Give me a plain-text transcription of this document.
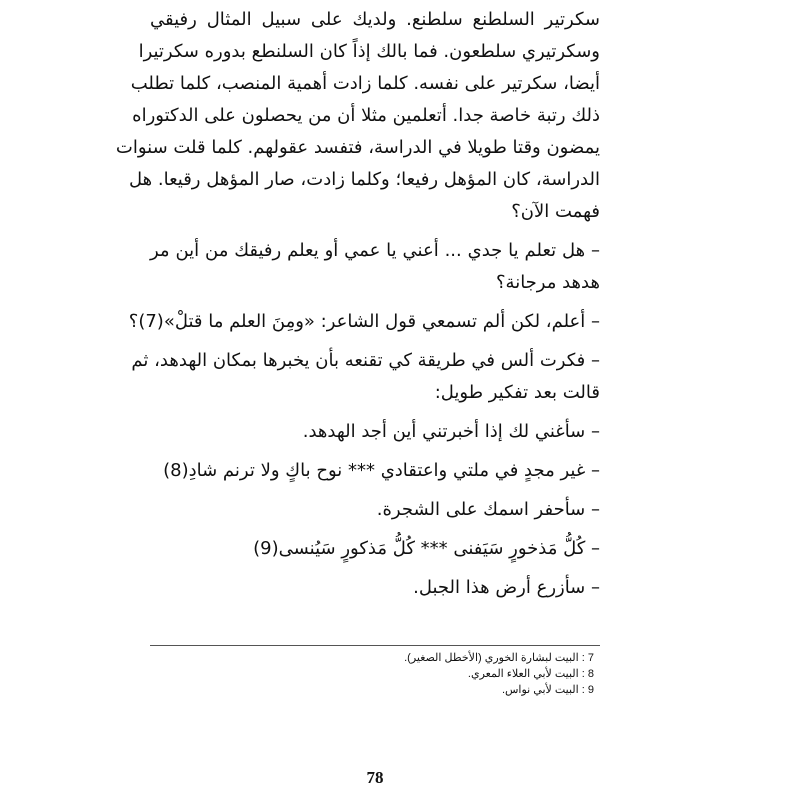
سكرتير السلطنع سلطنع. ولديك على سبيل المثال رفيقي
وسكرتيري سلطعون. فما بالك إذاً كان السلنطع بدوره سكرتيرا
أيضا، سكرتير على نفسه. كلما زادت أهمية المنصب، كلما تطلب
ذلك رتبة خاصة جدا. أتعلمين مثلا أن من يحصلون على الدكتوراه
يمضون وقتا طويلا في الدراسة، فتفسد عقولهم. كلما قلت سنوات
الدراسة، كان المؤهل رفيعا؛ وكلما زادت، صار المؤهل رقيعا. هل
فهمت الآن؟
– هل تعلم يا جدي ... أعني يا عمي أو يعلم رفيقك من أين مر
هدهد مرجانة؟
– أعلم، لكن ألم تسمعي قول الشاعر: «ومِنَ العلم ما قتلْ»(7)؟
– فكرت ألس في طريقة كي تقنعه بأن يخبرها بمكان الهدهد، ثم
قالت بعد تفكير طويل:
– سأغني لك إذا أخبرتني أين أجد الهدهد.
– غير مجدٍ في ملتي واعتقادي *** نوح باكٍ ولا ترنم شادِ(8)
– سأحفر اسمك على الشجرة.
– كُلُّ مَذخورٍ سَيَفنى *** كُلُّ مَذكورٍ سَيُنسى(9)
– سأزرع أرض هذا الجبل.
7 : البيت لبشارة الخوري (الأخطل الصغير).
8 : البيت لأبي العلاء المعري.
9 : البيت لأبي نواس.
78
